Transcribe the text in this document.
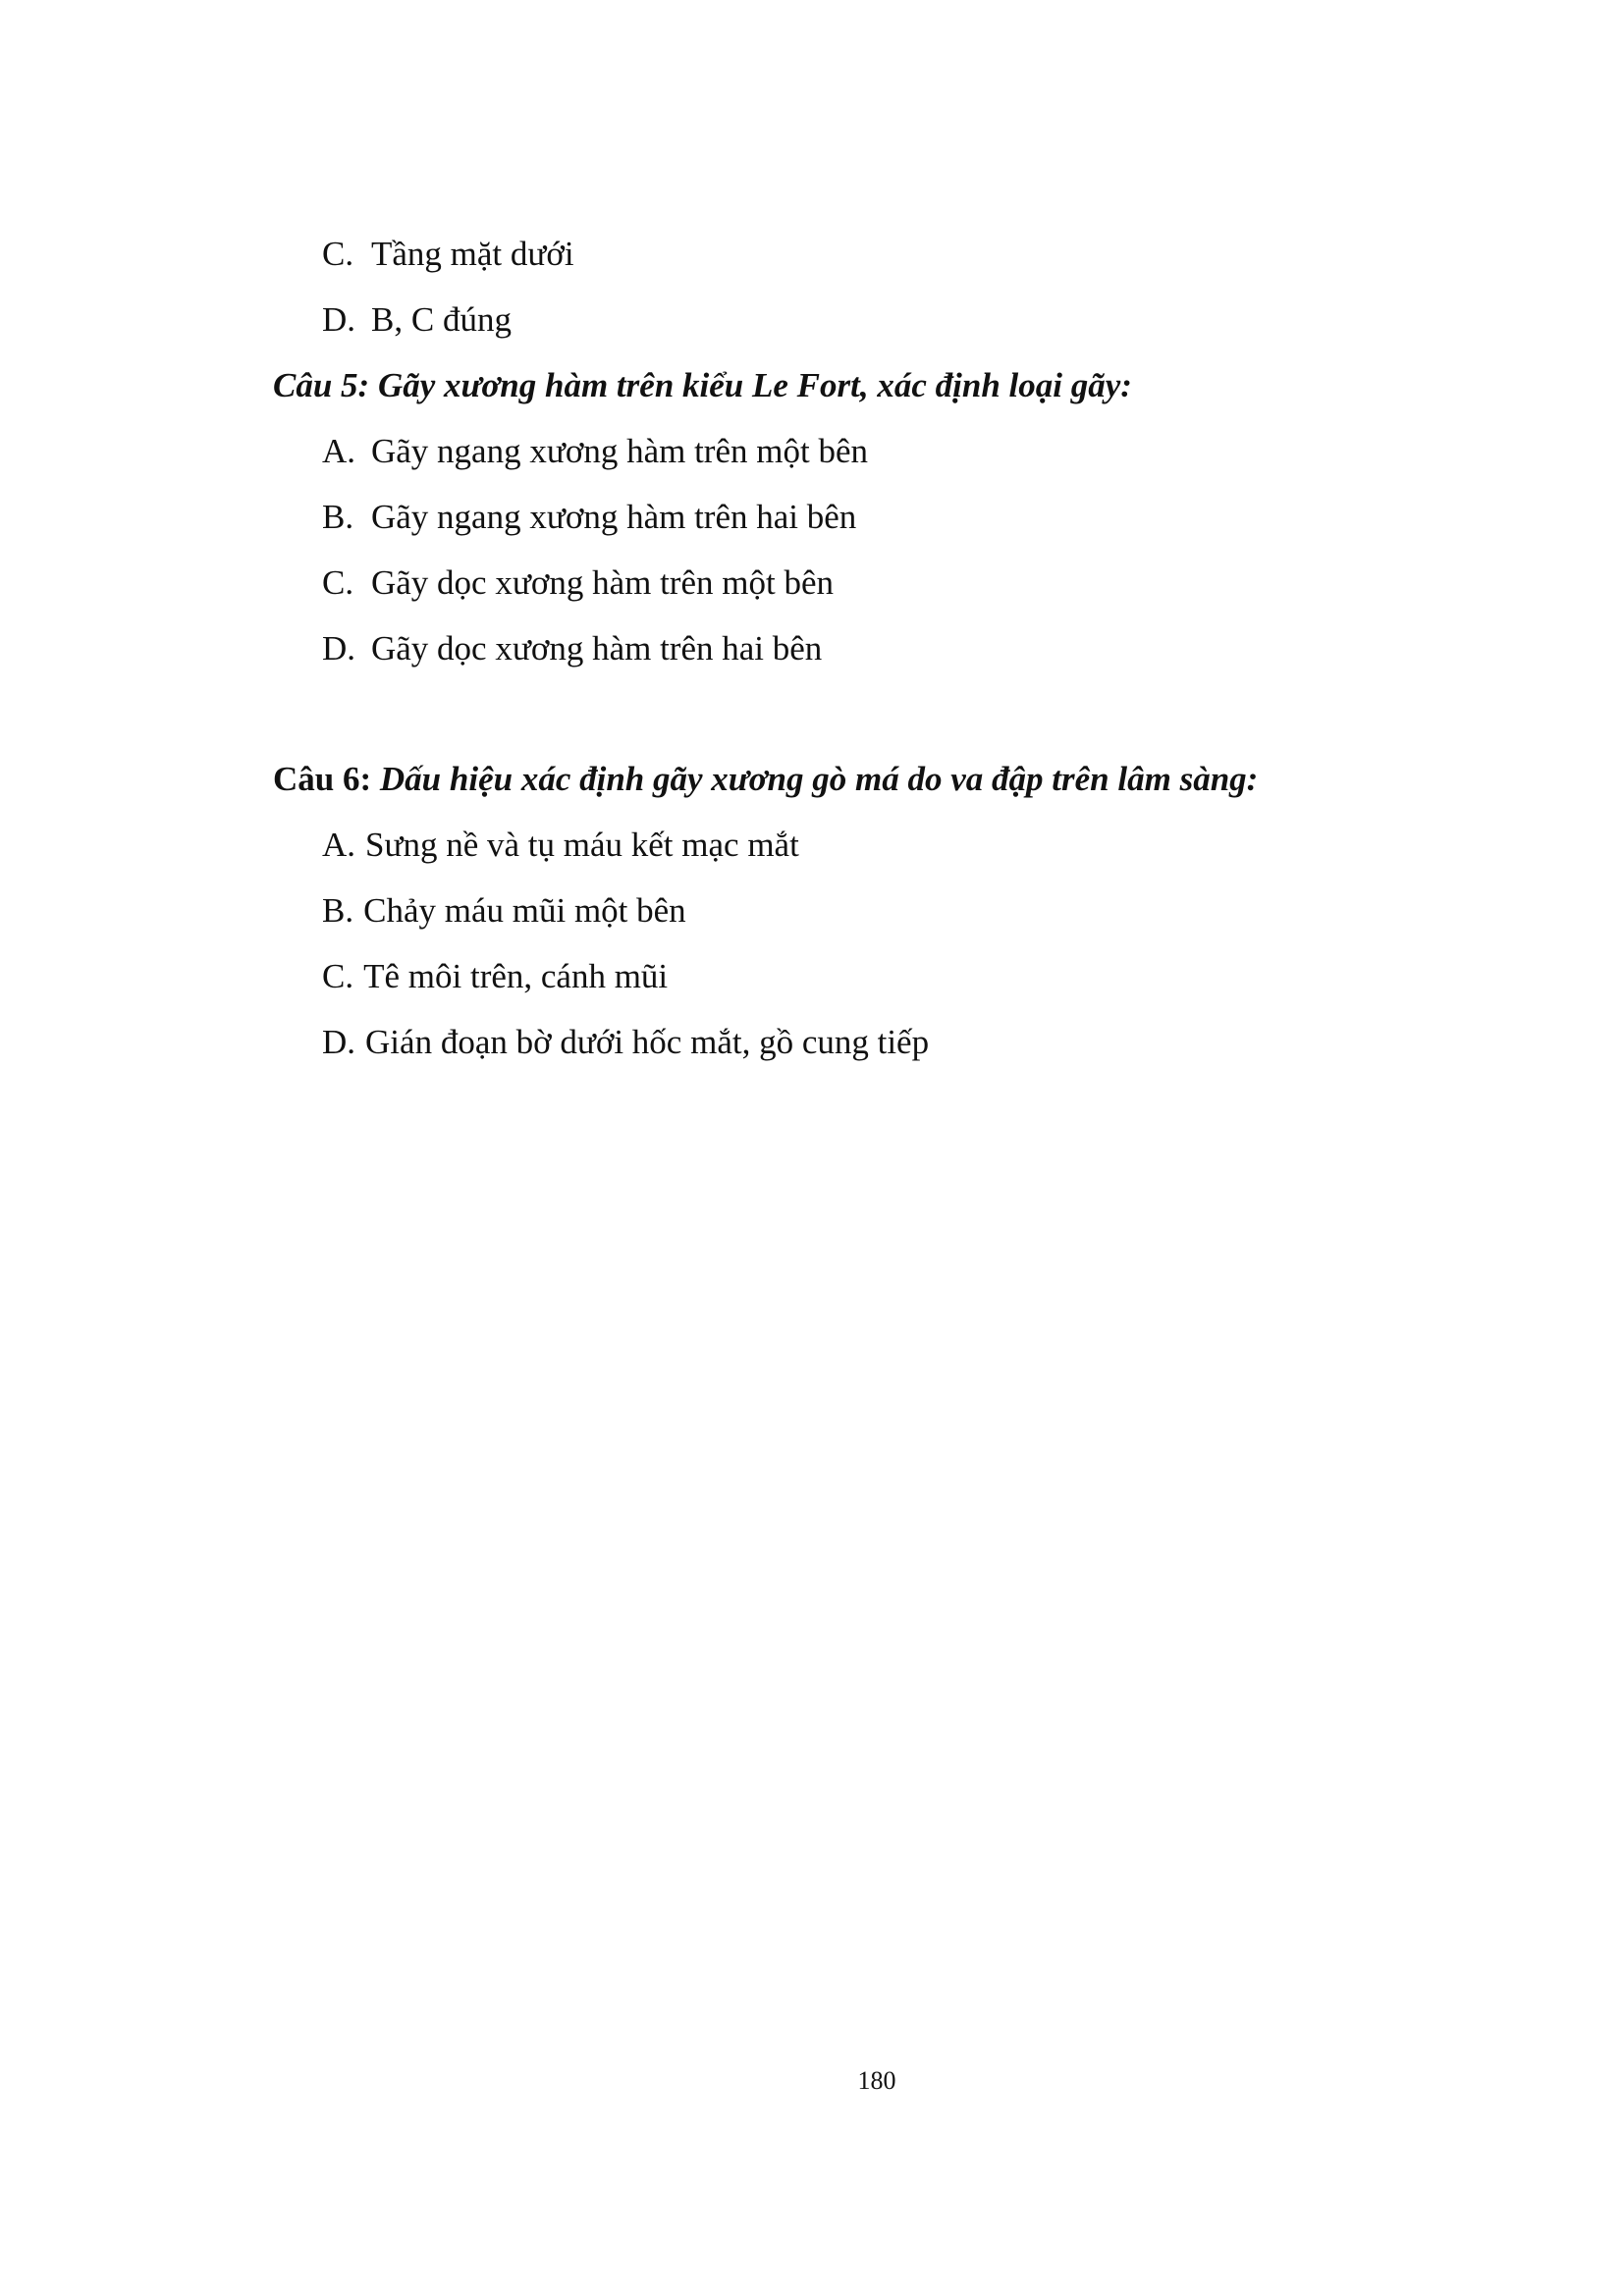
C. Tầng mặt dưới
D. B, C đúng
Câu 5: Gãy xương hàm trên kiểu Le Fort, xác định loại gãy:
A. Gãy ngang xương hàm trên một bên
B. Gãy ngang xương hàm trên hai bên
C. Gãy dọc xương hàm trên một bên
D. Gãy dọc xương hàm trên hai bên
Câu 6: Dấu hiệu xác định gãy xương gò má do va đập trên lâm sàng:
A. Sưng nề và tụ máu kết mạc mắt
B. Chảy máu mũi một bên
C. Tê môi trên, cánh mũi
D. Gián đoạn bờ dưới hốc mắt, gồ cung tiếp
180
